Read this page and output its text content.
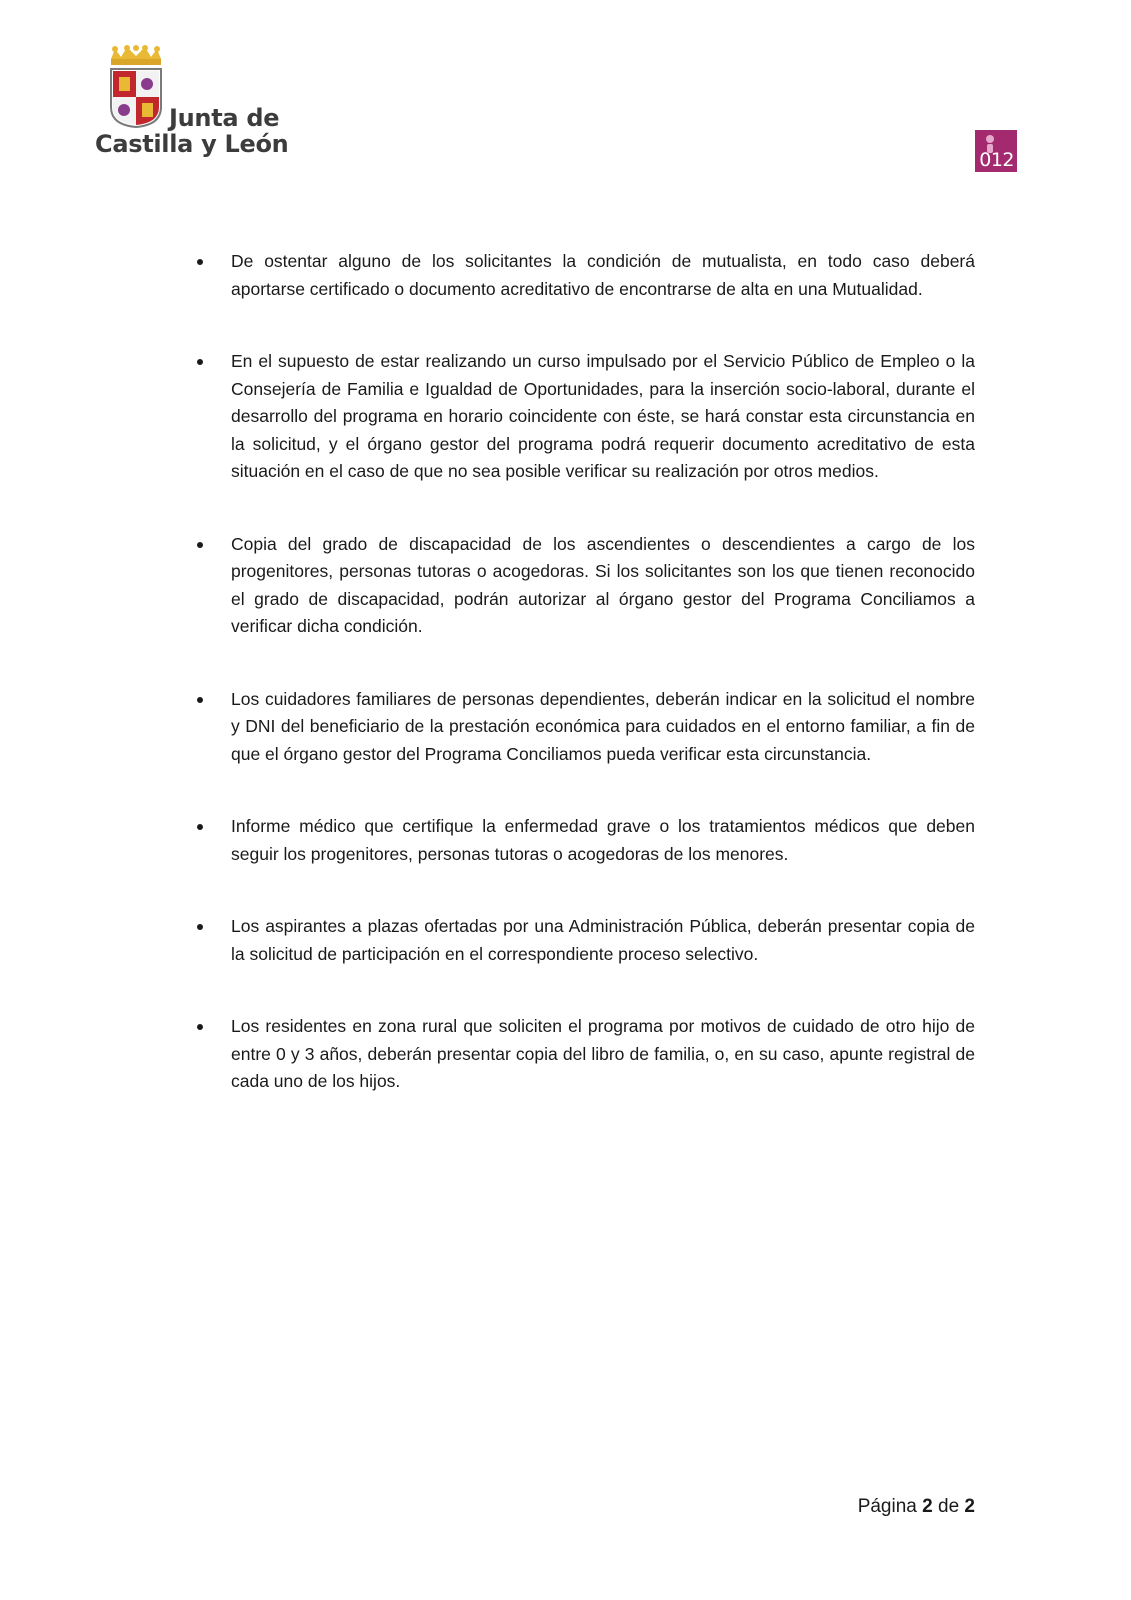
Junta de
Castilla y León
012

De ostentar alguno de los solicitantes la condición de mutualista, en todo caso deberá aportarse certificado o documento acreditativo de encontrarse de alta en una Mutualidad.

En el supuesto de estar realizando un curso impulsado por el Servicio Público de Empleo o la Consejería de Familia e Igualdad de Oportunidades, para la inserción socio-laboral, durante el desarrollo del programa en horario coincidente con éste, se hará constar esta circunstancia en la solicitud, y el órgano gestor del programa podrá requerir documento acreditativo de esta situación en el caso de que no sea posible verificar su realización por otros medios.

Copia del grado de discapacidad de los ascendientes o descendientes a cargo de los progenitores, personas tutoras o acogedoras. Si los solicitantes son los que tienen reconocido el grado de discapacidad, podrán autorizar al órgano gestor del Programa Conciliamos a verificar dicha condición.

Los cuidadores familiares de personas dependientes, deberán indicar en la solicitud el nombre y DNI del beneficiario de la prestación económica para cuidados en el entorno familiar, a fin de que el órgano gestor del Programa Conciliamos pueda verificar esta circunstancia.

Informe médico que certifique la enfermedad grave o los tratamientos médicos que deben seguir los progenitores, personas tutoras o acogedoras de los menores.

Los aspirantes a plazas ofertadas por una Administración Pública, deberán presentar copia de la solicitud de participación en el correspondiente proceso selectivo.

Los residentes en zona rural que soliciten el programa por motivos de cuidado de otro hijo de entre 0 y 3 años, deberán presentar copia del libro de familia, o, en su caso, apunte registral de cada uno de los hijos.

Página 2 de 2
